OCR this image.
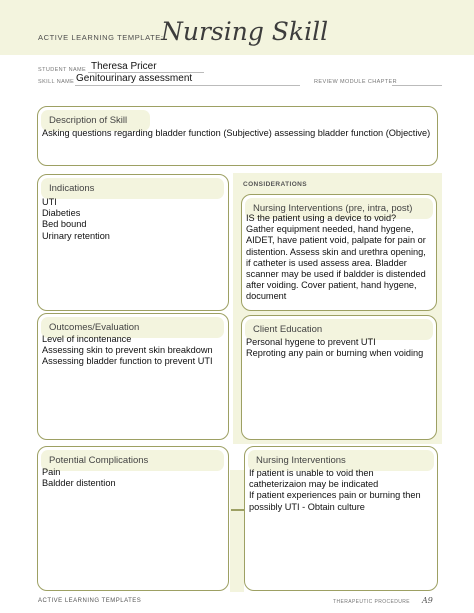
ACTIVE LEARNING TEMPLATE:
Nursing Skill
STUDENT NAME Theresa Pricer
SKILL NAME Genitourinary assessment	REVIEW MODULE CHAPTER
Description of Skill
Asking questions regarding bladder function (Subjective) assessing bladder function (Objective)
CONSIDERATIONS
Indications
UTI
Diabeties
Bed bound
Urinary retention
Nursing Interventions (pre, intra, post)
IS the patient using a device to void?
Gather equipment needed, hand hygene,
AIDET, have patient void, palpate for pain or
distention. Assess skin and urethra opening,
if catheter is used assess area. Bladder
scanner may be used if baldder is distended
after voiding. Cover patient, hand hygene,
document
Outcomes/Evaluation
Level of incontenance
Assessing skin to prevent skin breakdown
Assessing bladder function to prevent UTI
Client Education
Personal hygene to prevent UTI
Reproting any pain or burning when voiding
Potential Complications
Pain
Baldder distention
Nursing Interventions
If patient is unable to void then
catheterizaion may be indicated
If patient experiences pain or burning then
possibly UTI - Obtain culture
ACTIVE LEARNING TEMPLATES	THERAPEUTIC PROCEDURE A9
